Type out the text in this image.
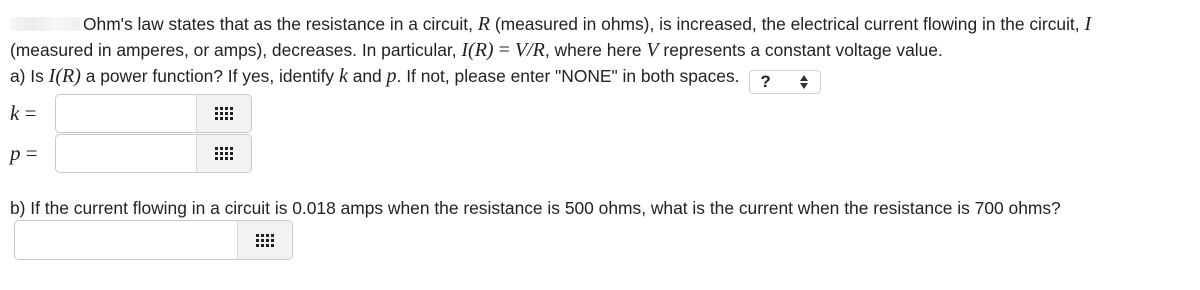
Ohm's law states that as the resistance in a circuit, R (measured in ohms), is increased, the electrical current flowing in the circuit, I
(measured in amperes, or amps), decreases. In particular, I(R) = V/R, where here V represents a constant voltage value.
a) Is I(R) a power function? If yes, identify k and p. If not, please enter "NONE" in both spaces. ?
k =
p =
b) If the current flowing in a circuit is 0.018 amps when the resistance is 500 ohms, what is the current when the resistance is 700 ohms?
